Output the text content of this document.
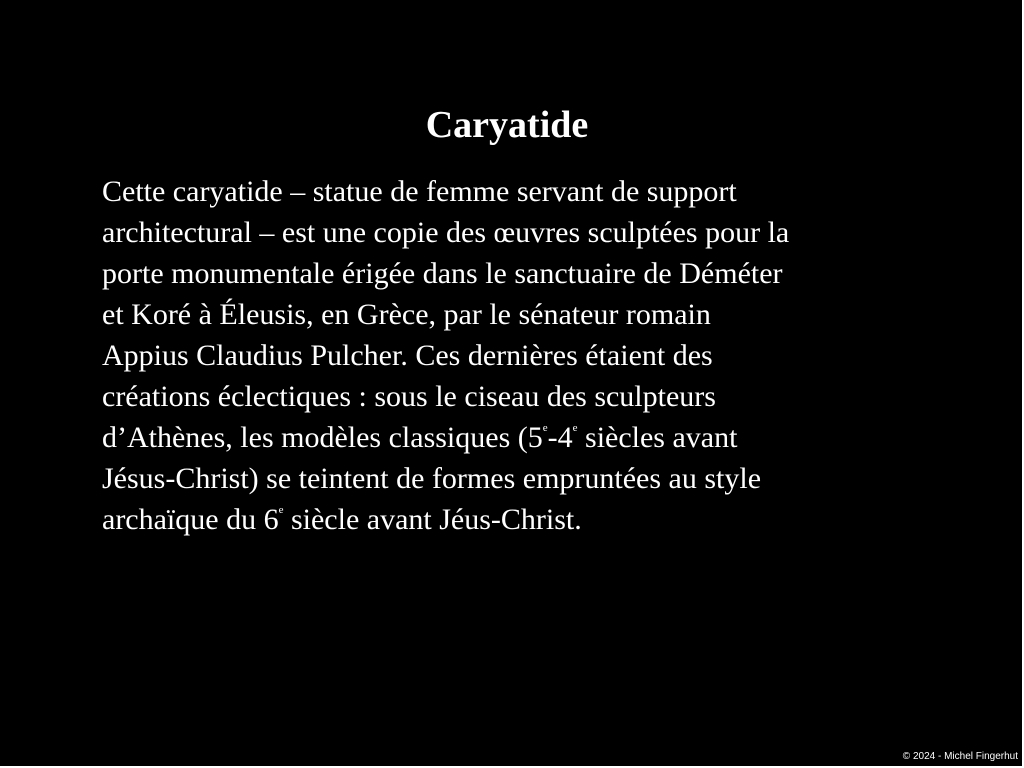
Caryatide
Cette caryatide – statue de femme servant de support
architectural – est une copie des œuvres sculptées pour la
porte monumentale érigée dans le sanctuaire de Déméter
et Koré à Éleusis, en Grèce, par le sénateur romain
Appius Claudius Pulcher. Ces dernières étaient des
créations éclectiques : sous le ciseau des sculpteurs
d’Athènes, les modèles classiques (5e-4e siècles avant
Jésus-Christ) se teintent de formes empruntées au style
archaïque du 6e siècle avant Jéus-Christ.
© 2024 - Michel Fingerhut
